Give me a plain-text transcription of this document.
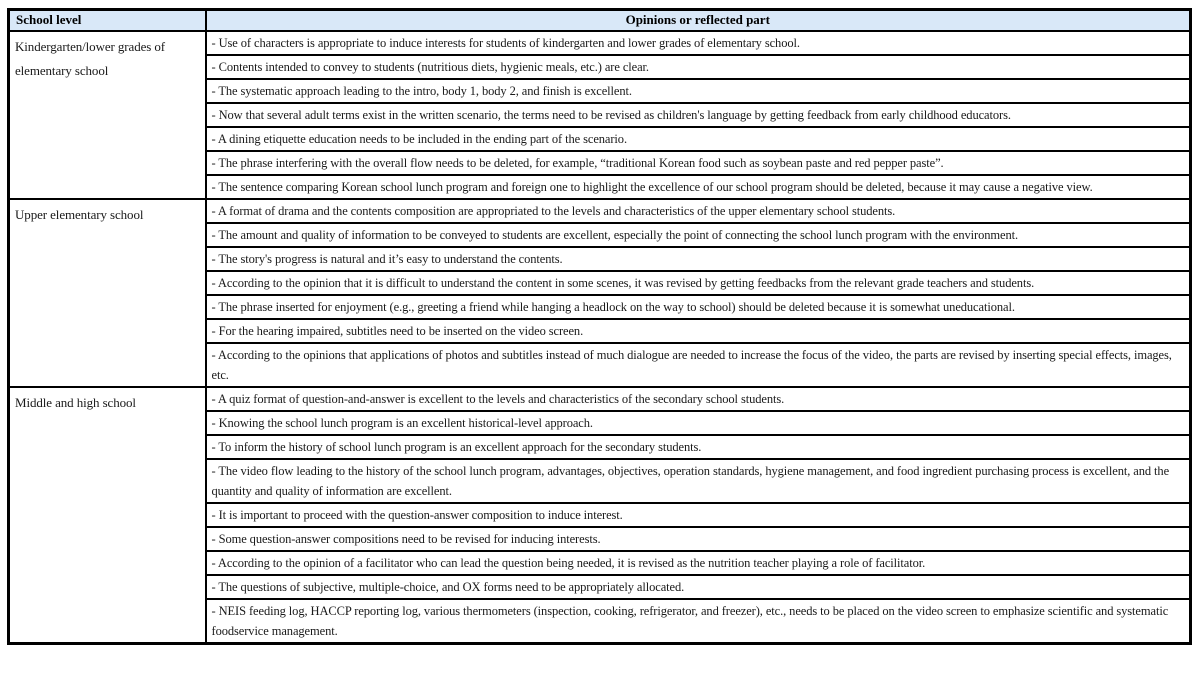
School level	Opinions or reflected part
Kindergarten/lower grades of elementary school	- Use of characters is appropriate to induce interests for students of kindergarten and lower grades of elementary school.
	- Contents intended to convey to students (nutritious diets, hygienic meals, etc.) are clear.
	- The systematic approach leading to the intro, body 1, body 2, and finish is excellent.
	- Now that several adult terms exist in the written scenario, the terms need to be revised as children's language by getting feedback from early childhood educators.
	- A dining etiquette education needs to be included in the ending part of the scenario.
	- The phrase interfering with the overall flow needs to be deleted, for example, “traditional Korean food such as soybean paste and red pepper paste”.
	- The sentence comparing Korean school lunch program and foreign one to highlight the excellence of our school program should be deleted, because it may cause a negative view.
Upper elementary school	- A format of drama and the contents composition are appropriated to the levels and characteristics of the upper elementary school students.
	- The amount and quality of information to be conveyed to students are excellent, especially the point of connecting the school lunch program with the environment.
	- The story's progress is natural and it’s easy to understand the contents.
	- According to the opinion that it is difficult to understand the content in some scenes, it was revised by getting feedbacks from the relevant grade teachers and students.
	- The phrase inserted for enjoyment (e.g., greeting a friend while hanging a headlock on the way to school) should be deleted because it is somewhat uneducational.
	- For the hearing impaired, subtitles need to be inserted on the video screen.
	- According to the opinions that applications of photos and subtitles instead of much dialogue are needed to increase the focus of the video, the parts are revised by inserting special effects, images, etc.
Middle and high school	- A quiz format of question-and-answer is excellent to the levels and characteristics of the secondary school students.
	- Knowing the school lunch program is an excellent historical-level approach.
	- To inform the history of school lunch program is an excellent approach for the secondary students.
	- The video flow leading to the history of the school lunch program, advantages, objectives, operation standards, hygiene management, and food ingredient purchasing process is excellent, and the quantity and quality of information are excellent.
	- It is important to proceed with the question-answer composition to induce interest.
	- Some question-answer compositions need to be revised for inducing interests.
	- According to the opinion of a facilitator who can lead the question being needed, it is revised as the nutrition teacher playing a role of facilitator.
	- The questions of subjective, multiple-choice, and OX forms need to be appropriately allocated.
	- NEIS feeding log, HACCP reporting log, various thermometers (inspection, cooking, refrigerator, and freezer), etc., needs to be placed on the video screen to emphasize scientific and systematic foodservice management.
